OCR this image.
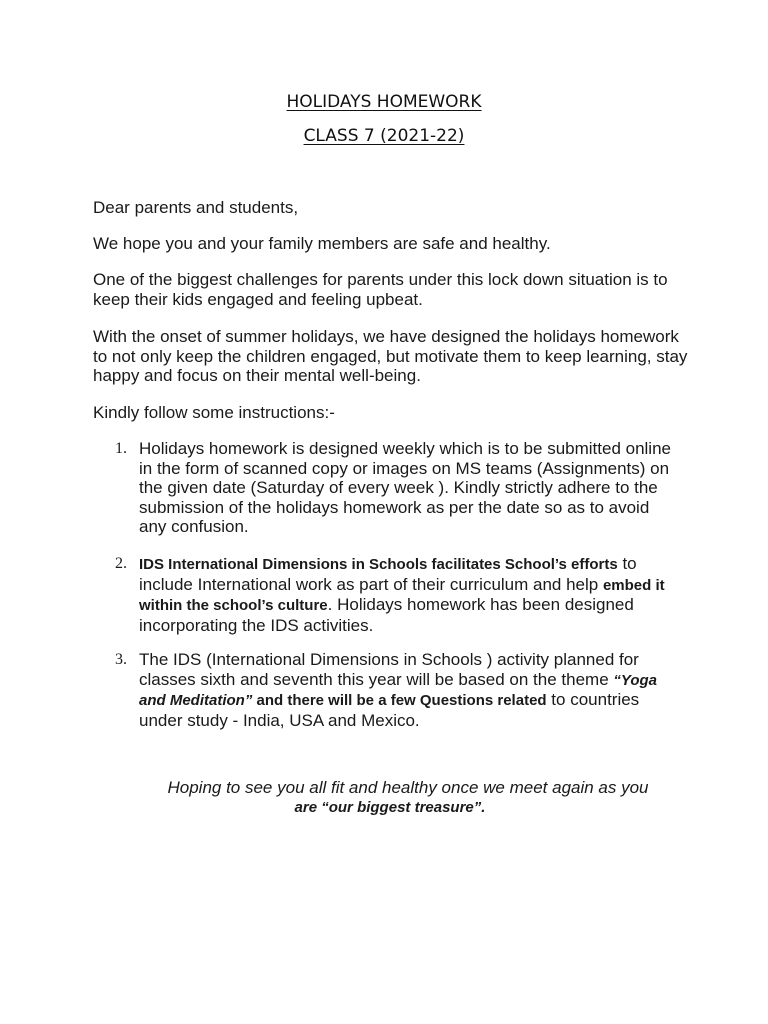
HOLIDAYS HOMEWORK
CLASS 7 (2021-22)
Dear parents and students,
We hope you and your family members are safe and healthy.
One of the biggest challenges for parents under this lock down situation is to keep their kids engaged and feeling upbeat.
With the onset of summer holidays, we have designed the holidays homework to not only keep the children engaged, but motivate them to keep learning, stay happy and focus on their mental well-being.
Kindly follow some instructions:-
1. Holidays homework is designed weekly which is to be submitted online in the form of scanned copy or images on MS teams (Assignments) on the given date (Saturday of every week ). Kindly strictly adhere to the submission of the holidays homework as per the date so as to avoid any confusion.
2. IDS International Dimensions in Schools facilitates School’s efforts to include International work as part of their curriculum and help embed it within the school’s culture. Holidays homework has been designed incorporating the IDS activities.
3. The IDS (International Dimensions in Schools ) activity planned for classes sixth and seventh this year will be based on the theme “Yoga and Meditation” and there will be a few Questions related to countries under study - India, USA and Mexico.
Hoping to see you all fit and healthy once we meet again as you
are “our biggest treasure”.
